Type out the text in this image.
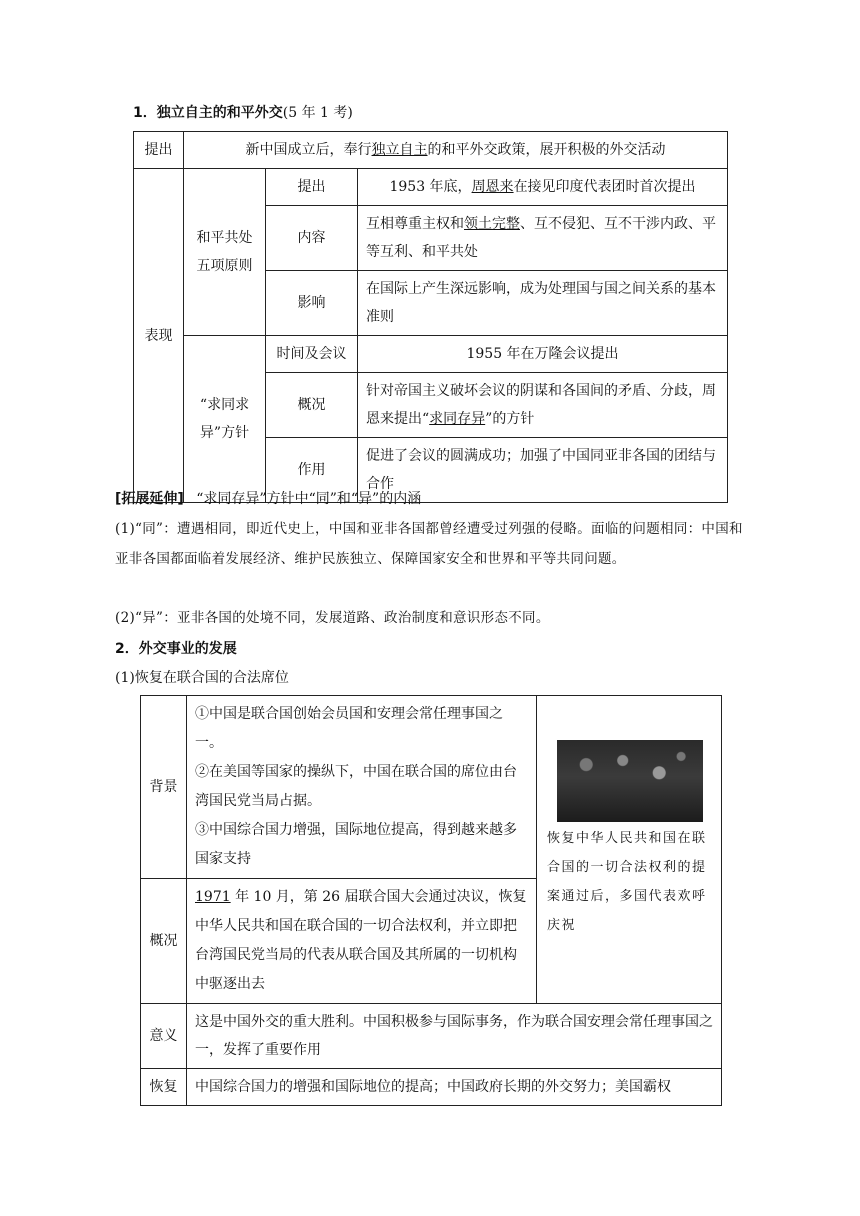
1．独立自主的和平外交(5 年 1 考)
提出	新中国成立后，奉行独立自主的和平外交政策，展开积极的外交活动		
表现	和平共处五项原则	提出	1953 年底，周恩来在接见印度代表团时首次提出
		内容	互相尊重主权和领土完整、互不侵犯、互不干涉内政、平等互利、和平共处
		影响	在国际上产生深远影响，成为处理国与国之间关系的基本准则
	“求同求异”方针	时间及会议	1955 年在万隆会议提出
		概况	针对帝国主义破坏会议的阴谋和各国间的矛盾、分歧，周恩来提出“求同存异”的方针
		作用	促进了会议的圆满成功；加强了中国同亚非各国的团结与合作
[拓展延伸] “求同存异”方针中“同”和“异”的内涵
(1)“同”：遭遇相同，即近代史上，中国和亚非各国都曾经遭受过列强的侵略。面临的问题相同：中国和亚非各国都面临着发展经济、维护民族独立、保障国家安全和世界和平等共同问题。
(2)“异”：亚非各国的处境不同，发展道路、政治制度和意识形态不同。
2．外交事业的发展
(1)恢复在联合国的合法席位
背景	①中国是联合国创始会员国和安理会常任理事国之一。
②在美国等国家的操纵下，中国在联合国的席位由台湾国民党当局占据。
③中国综合国力增强，国际地位提高，得到越来越多国家支持	恢复中华人民共和国在联合国的一切合法权利的提案通过后，多国代表欢呼庆祝

概况	1971 年 10 月，第 26 届联合国大会通过决议，恢复中华人民共和国在联合国的一切合法权利，并立即把台湾国民党当局的代表从联合国及其所属的一切机构中驱逐出去	
意义	这是中国外交的重大胜利。中国积极参与国际事务，作为联合国安理会常任理事国之一，发挥了重要作用	
恢复	中国综合国力的增强和国际地位的提高；中国政府长期的外交努力；美国霸权	
